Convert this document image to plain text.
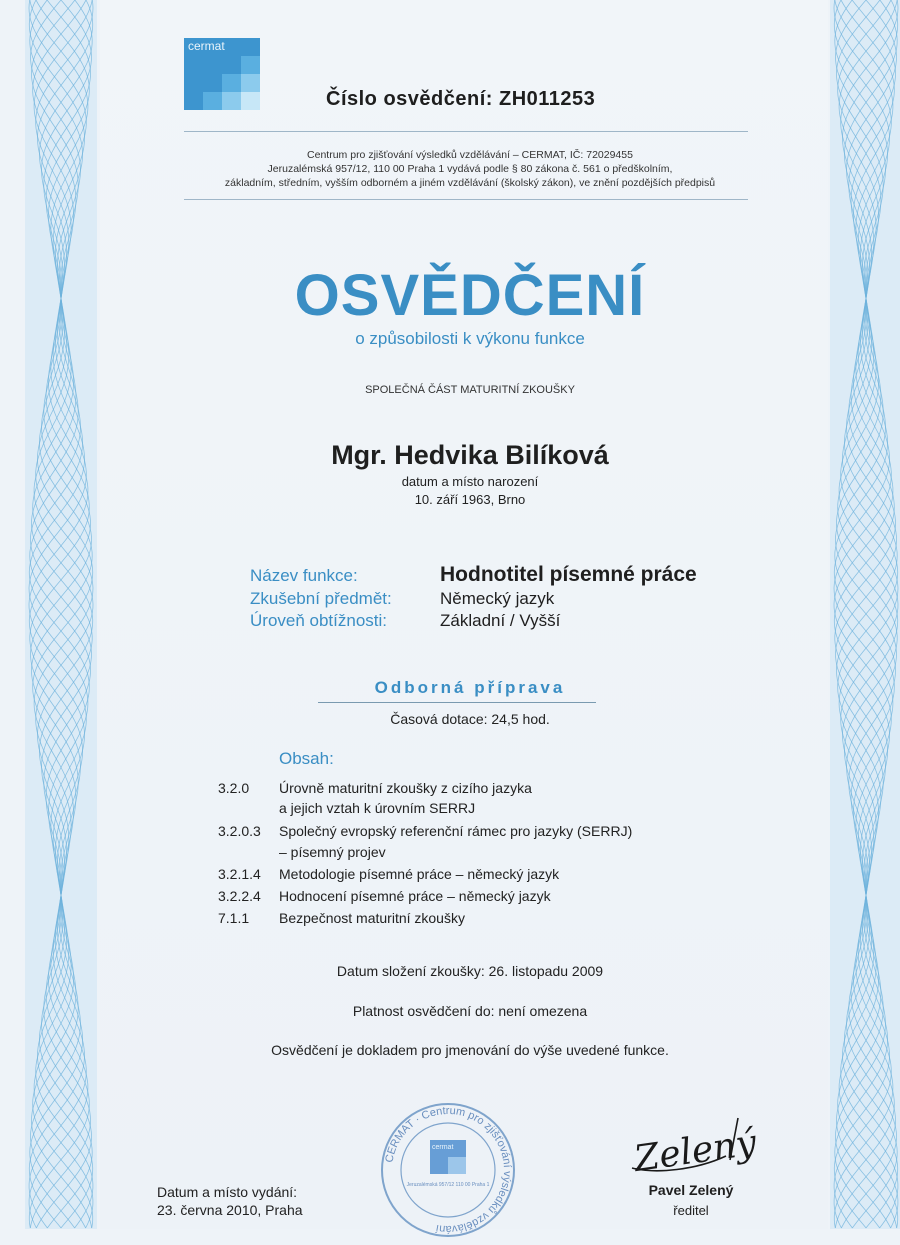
cermat
Číslo osvědčení: ZH011253
Centrum pro zjišťování výsledků vzdělávání – CERMAT, IČ: 72029455
Jeruzalémská 957/12, 110 00 Praha 1 vydává podle § 80 zákona č. 561 o předškolním,
základním, středním, vyšším odborném a jiném vzdělávání (školský zákon), ve znění pozdějších předpisů
OSVĚDČENÍ
o způsobilosti k výkonu funkce
SPOLEČNÁ ČÁST MATURITNÍ ZKOUŠKY
Mgr. Hedvika Bilíková
datum a místo narození
10. září 1963, Brno
Název funkce:	Hodnotitel písemné práce
Zkušební předmět:	Německý jazyk
Úroveň obtížnosti:	Základní / Vyšší
Odborná příprava
Časová dotace: 24,5 hod.
Obsah:
3.2.0 Úrovně maturitní zkoušky z cizího jazyka
a jejich vztah k úrovním SERRJ
3.2.0.3 Společný evropský referenční rámec pro jazyky (SERRJ)
– písemný projev
3.2.1.4 Metodologie písemné práce – německý jazyk
3.2.2.4 Hodnocení písemné práce – německý jazyk
7.1.1 Bezpečnost maturitní zkoušky
Datum složení zkoušky: 26. listopadu 2009
Platnost osvědčení do: není omezena
Osvědčení je dokladem pro jmenování do výše uvedené funkce.
Datum a místo vydání:
23. června 2010, Praha
CERMAT · Centrum pro zjišťování výsledků vzdělávání
cermat
Jeruzalémská 957/12 110 00 Praha 1
Zelený
Pavel Zelený
ředitel
